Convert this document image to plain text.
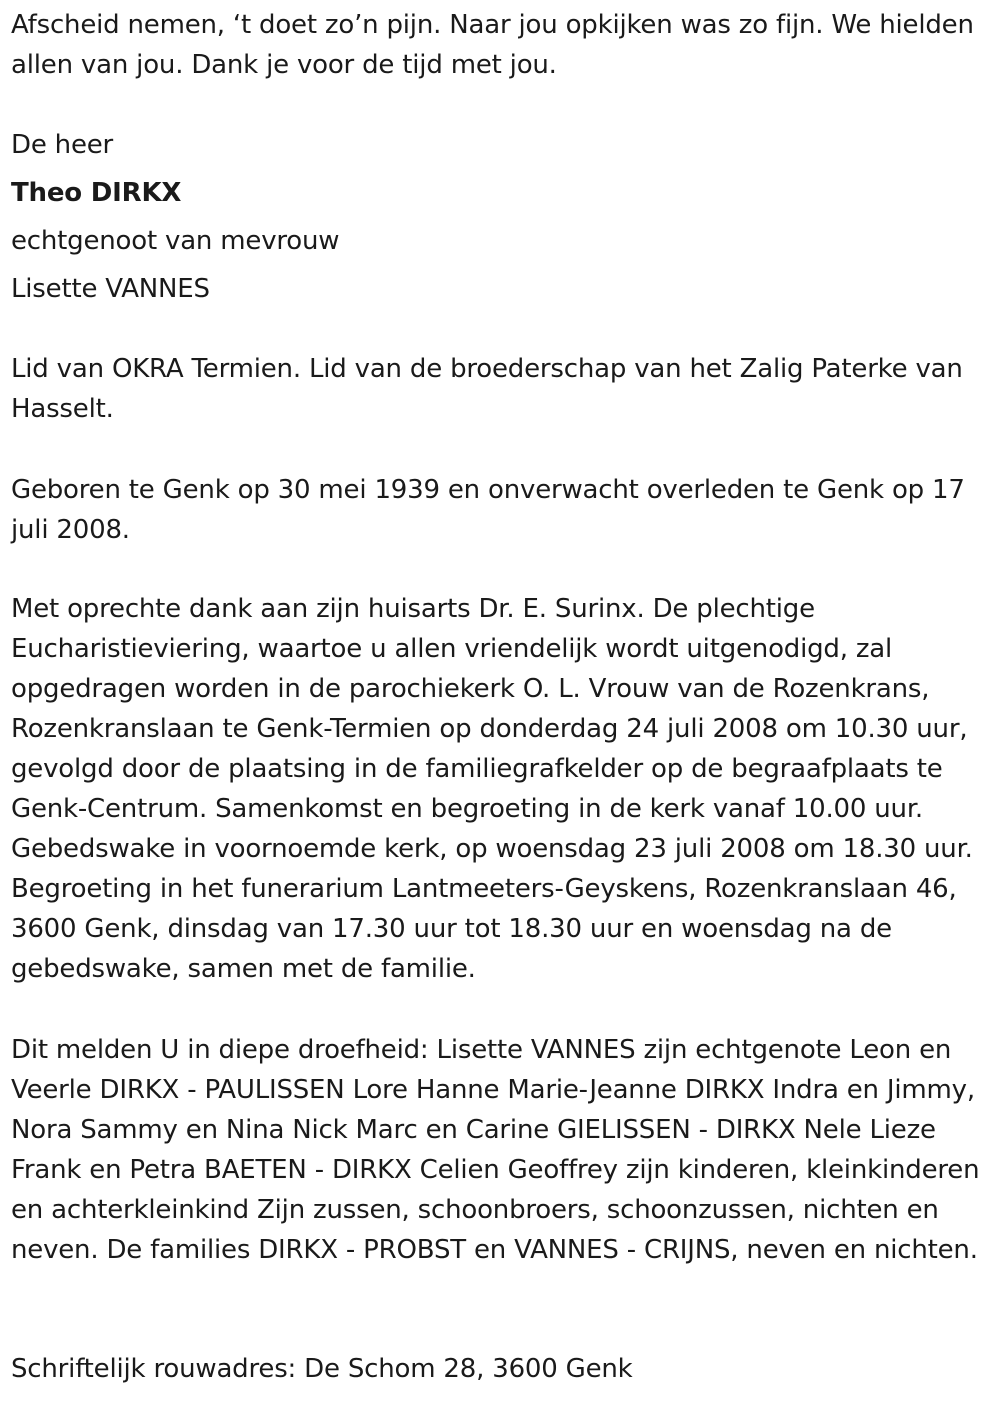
Afscheid nemen, ‘t doet zo’n pijn. Naar jou opkijken was zo fijn. We hielden allen van jou. Dank je voor de tijd met jou.

De heer

Theo DIRKX

echtgenoot van mevrouw

Lisette VANNES

Lid van OKRA Termien. Lid van de broederschap van het Zalig Paterke van Hasselt.

Geboren te Genk op 30 mei 1939 en onverwacht overleden te Genk op 17 juli 2008.

Met oprechte dank aan zijn huisarts Dr. E. Surinx. De plechtige Eucharistieviering, waartoe u allen vriendelijk wordt uitgenodigd, zal opgedragen worden in de parochiekerk O. L. Vrouw van de Rozenkrans, Rozenkranslaan te Genk-Termien op donderdag 24 juli 2008 om 10.30 uur, gevolgd door de plaatsing in de familiegrafkelder op de begraafplaats te Genk-Centrum. Samenkomst en begroeting in de kerk vanaf 10.00 uur. Gebedswake in voornoemde kerk, op woensdag 23 juli 2008 om 18.30 uur. Begroeting in het funerarium Lantmeeters-Geyskens, Rozenkranslaan 46, 3600 Genk, dinsdag van 17.30 uur tot 18.30 uur en woensdag na de gebedswake, samen met de familie.

Dit melden U in diepe droefheid: Lisette VANNES zijn echtgenote Leon en Veerle DIRKX - PAULISSEN Lore Hanne Marie-Jeanne DIRKX Indra en Jimmy, Nora Sammy en Nina Nick Marc en Carine GIELISSEN - DIRKX Nele Lieze Frank en Petra BAETEN - DIRKX Celien Geoffrey zijn kinderen, kleinkinderen en achterkleinkind Zijn zussen, schoonbroers, schoonzussen, nichten en neven. De families DIRKX - PROBST en VANNES - CRIJNS, neven en nichten.

Schriftelijk rouwadres: De Schom 28, 3600 Genk
